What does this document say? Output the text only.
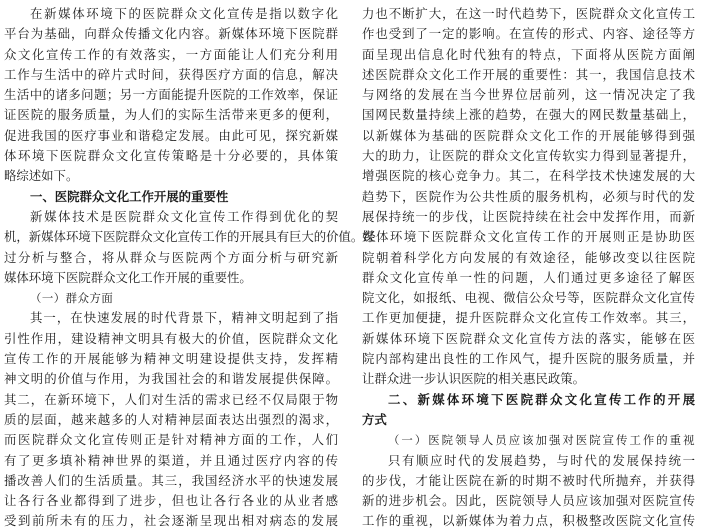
在新媒体环境下的医院群众文化宣传是指以数字化
平台为基础，向群众传播文化内容。新媒体环境下医院群
众文化宣传工作的有效落实，一方面能让人们充分利用
工作与生活中的碎片式时间，获得医疗方面的信息，解决
生活中的诸多问题；另一方面能提升医院的工作效率，保证
证医院的服务质量，为人们的实际生活带来更多的便利，
促进我国的医疗事业和谐稳定发展。由此可见，探究新媒
体环境下医院群众文化宣传策略是十分必要的，具体策
略综述如下。
一、医院群众文化工作开展的重要性
新媒体技术是医院群众文化宣传工作得到优化的契
机，新媒体环境下医院群众文化宣传工作的开展具有巨大的价值。经
过分析与整合，将从群众与医院两个方面分析与研究新
媒体环境下医院群众文化工作开展的重要性。
（一）群众方面
其一，在快速发展的时代背景下，精神文明起到了指
引性作用，建设精神文明具有极大的价值，医院群众文化
宣传工作的开展能够为精神文明建设提供支持，发挥精
神文明的价值与作用，为我国社会的和谐发展提供保障。
其二，在新环境下，人们对生活的需求已经不仅局限于物
质的层面，越来越多的人对精神层面表达出强烈的渴求，
而医院群众文化宣传则正是针对精神方面的工作，人们
有了更多填补精神世界的渠道，并且通过医疗内容的传
播改善人们的生活质量。其三，我国经济水平的快速发展
让各行各业都得到了进步，但也让各行各业的从业者感
受到前所未有的压力，社会逐渐呈现出相对病态的发展
力也不断扩大，在这一时代趋势下，医院群众文化宣传工
作也受到了一定的影响。在宣传的形式、内容、途径等方
面呈现出信息化时代独有的特点，下面将从医院方面阐
述医院群众文化工作开展的重要性：其一，我国信息技术
与网络的发展在当今世界位居前列，这一情况决定了我
国网民数量持续上涨的趋势，在强大的网民数量基础上，
以新媒体为基础的医院群众文化工作的开展能够得到强
大的助力，让医院的群众文化宣传软实力得到显著提升，
增强医院的核心竞争力。其二，在科学技术快速发展的大
趋势下，医院作为公共性质的服务机构，必须与时代的发
展保持统一的步伐，让医院持续在社会中发挥作用，而新
媒体环境下医院群众文化宣传工作的开展则正是协助医
院朝着科学化方向发展的有效途径，能够改变以往医院
群众文化宣传单一性的问题，人们通过更多途径了解医
院文化，如报纸、电视、微信公众号等，医院群众文化宣传
工作更加便捷，提升医院群众文化宣传工作效率。其三，
新媒体环境下医院群众文化宣传方法的落实，能够在医
院内部构建出良性的工作风气，提升医院的服务质量，并
让群众进一步认识医院的相关惠民政策。
二、新媒体环境下医院群众文化宣传工作的开展
方式
（一）医院领导人员应该加强对医院宣传工作的重视
只有顺应时代的发展趋势，与时代的发展保持统一
的步伐，才能让医院在新的时期不被时代所抛弃，并获得
新的进步机会。因此，医院领导人员应该加强对医院宣传
工作的重视，以新媒体为着力点，积极整改医院文化宣传
